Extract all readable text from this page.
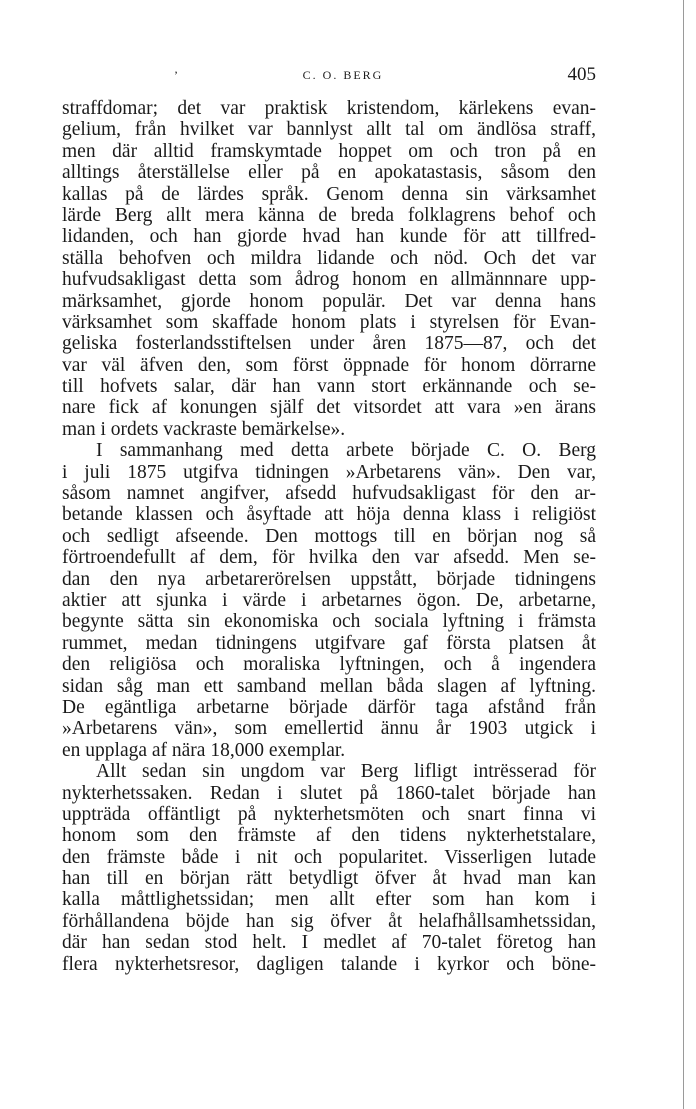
’	C. O. BERG	405
straffdomar; det var praktisk kristendom, kärlekens evan-
gelium, från hvilket var bannlyst allt tal om ändlösa straff,
men där alltid framskymtade hoppet om och tron på en
alltings återställelse eller på en apokatastasis, såsom den
kallas på de lärdes språk. Genom denna sin värksamhet
lärde Berg allt mera känna de breda folklagrens behof och
lidanden, och han gjorde hvad han kunde för att tillfred-
ställa behofven och mildra lidande och nöd. Och det var
hufvudsakligast detta som ådrog honom en allmännnare upp-
märksamhet, gjorde honom populär. Det var denna hans
värksamhet som skaffade honom plats i styrelsen för Evan-
geliska fosterlandsstiftelsen under åren 1875—87, och det
var väl äfven den, som först öppnade för honom dörrarne
till hofvets salar, där han vann stort erkännande och se-
nare fick af konungen själf det vitsordet att vara »en ärans
man i ordets vackraste bemärkelse».
I sammanhang med detta arbete började C. O. Berg
i juli 1875 utgifva tidningen »Arbetarens vän». Den var,
såsom namnet angifver, afsedd hufvudsakligast för den ar-
betande klassen och åsyftade att höja denna klass i religiöst
och sedligt afseende. Den mottogs till en början nog så
förtroendefullt af dem, för hvilka den var afsedd. Men se-
dan den nya arbetarerörelsen uppstått, började tidningens
aktier att sjunka i värde i arbetarnes ögon. De, arbetarne,
begynte sätta sin ekonomiska och sociala lyftning i främsta
rummet, medan tidningens utgifvare gaf första platsen åt
den religiösa och moraliska lyftningen, och å ingendera
sidan såg man ett samband mellan båda slagen af lyftning.
De egäntliga arbetarne började därför taga afstånd från
»Arbetarens vän», som emellertid ännu år 1903 utgick i
en upplaga af nära 18,000 exemplar.
Allt sedan sin ungdom var Berg lifligt intrësserad för
nykterhetssaken. Redan i slutet på 1860-talet började han
uppträda offäntligt på nykterhetsmöten och snart finna vi
honom som den främste af den tidens nykterhetstalare,
den främste både i nit och popularitet. Visserligen lutade
han till en början rätt betydligt öfver åt hvad man kan
kalla måttlighetssidan; men allt efter som han kom i
förhållandena böjde han sig öfver åt helafhållsamhetssidan,
där han sedan stod helt. I medlet af 70-talet företog han
flera nykterhetsresor, dagligen talande i kyrkor och böne-
